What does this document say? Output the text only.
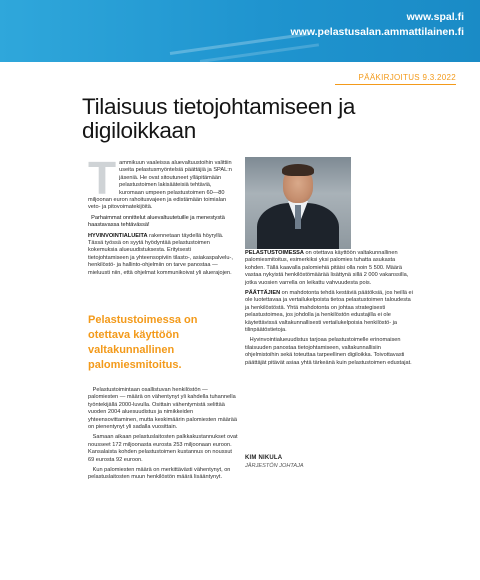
www.spal.fi
www.pelastusalan.ammattilainen.fi
PÄÄKIRJOITUS 9.3.2022
Tilaisuus tietojohtamiseen ja digiloikkaan

Tammikuun vaaleissa aluevaltuustoihin valittiin useita pelastusmyöntelsiä päättäjiä ja SPAL:n jäseniä. He ovat sitoutuneet ylläpitämään pelastustoimen lakisääteisiä tehtäviä, kuromaan umpeen pelastustoimen 60—80 miljoonan euron rahoitusvajeen ja edistämään toimialan veto- ja pitovoimatekijöitä.

Parhaimmat onnittelut aluevaltuutetuille ja menestystä haastavassa tehtävässä!

HYVINVOINTIALUEITA rakennetaan täydellä höyryllä. Tässä työssä on syytä hyödyntää pelastustoimen kokemuksia alueuudistuksesta. Erityisesti tietojohtamiseen ja yhteensopiviin tilasto-, asiakaspalvelu-, henkilöstö- ja hallinto-ohjelmiin on tarve panostaa — mieluusti niin, että ohjelmat kommunikoivat yli aluerajojen.

Pelastustoimessa on otettava käyttöön valtakunnallinen palomiesmitoitus.

Pelastustoimintaan osallistuvan henkilöstön — palomiesten — määrä on vähentynyt yli kahdella tuhannella työntekijällä 2000-luvulla. Osittain vähentymistä selittää vuoden 2004 aluesuudistus ja nimikkeiden yhteensovittaminen, mutta keskimäärin palomiesten määrää on pienentynyt yli sadalla vuosittain.

Samaan aikaan pelastuslaitosten palkkakustannukset ovat nousseet 172 miljoonasta eurosta 253 miljoonaan euroon. Kansalaista kohden pelastustoimen kustannus on noussut 69 eurosta 92 euroon.

Kun palomiesten määrä on merkittävästi vähentynyt, on pelastuslaitosten muun henkilöstön määrä lisääntynyt.

PELASTUSTOIMESSA on otettava käyttöön valtakunnallinen palomiesmitoitus, esimerkiksi yksi palomies tuhatta asukasta kohden. Tällä kaavalla palomiehiä pitäisi olla noin 5 500. Määrä vastaa nykyistä henkilöstömäärää lisättynä sillä 2 000 vakanssilla, jotka vuosien varrella on leikattu vahvuudesta pois.

PÄÄTTÄJIEN on mahdotonta tehdä kestäviä päätöksiä, jos heillä ei ole luotettavaa ja vertailukelpoista tietoa pelastustoimen taloudesta ja henkilöstöstä. Yhtä mahdotonta on johtaa strategisesti pelastustoimea, jos johdolla ja henkilöstön edustajilla ei ole käytettävissä valtakunnallisesti vertailukelpoisia henkilöstö- ja tilinpäätöstietoja.

Hyvinvointialueuudistus tarjoaa pelastustoimelle erinomaisen tilaisuuden panostaa tietojohtamiseen, valtakunnallisiin ohjelmistoihin sekä toteuttaa tarpeellinen digiloikka. Toivottavasti päättäjät pitävät asiaa yhtä tärkeänä kuin pelastustoimen edustajat.

KIM NIKULA
JÄRJESTÖN JOHTAJA
